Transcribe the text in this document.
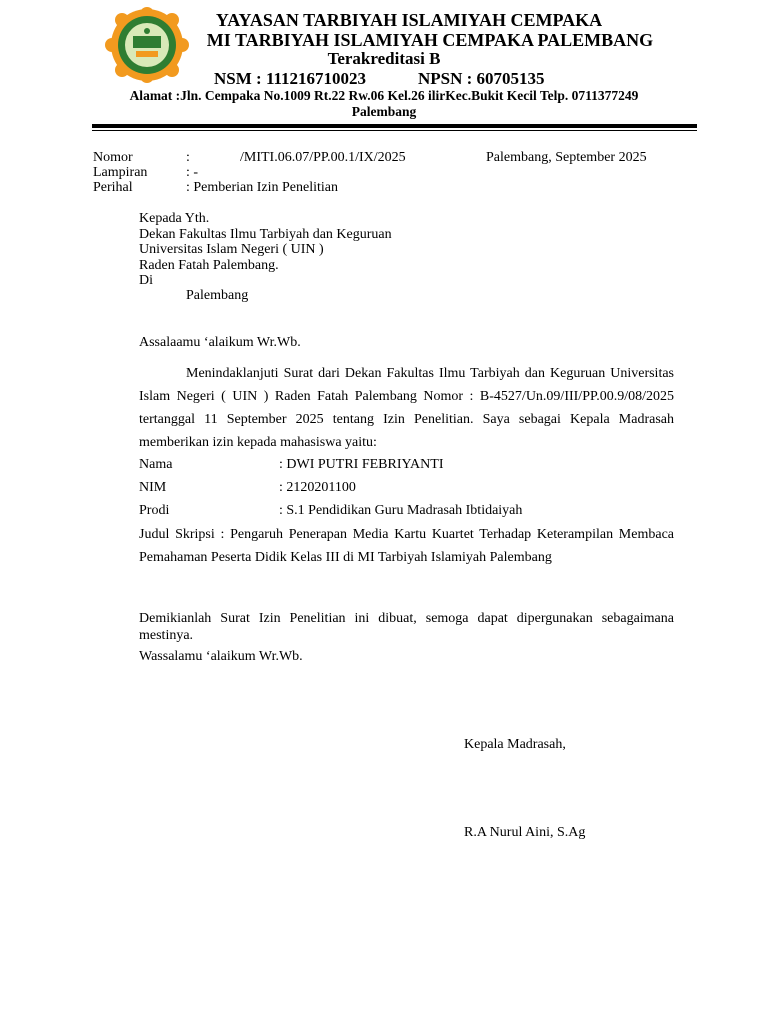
YAYASAN TARBIYAH ISLAMIYAH CEMPAKA
MI TARBIYAH ISLAMIYAH CEMPAKA PALEMBANG
Terakreditasi B
NSM : 111216710023	NPSN : 60705135
Alamat :Jln. Cempaka No.1009 Rt.22 Rw.06 Kel.26 ilirKec.Bukit Kecil Telp. 0711377249
Palembang
Nomor	:	/MITI.06.07/PP.00.1/IX/2025	Palembang, September 2025
Lampiran	: -
Perihal	: Pemberian Izin Penelitian
Kepada Yth.
Dekan Fakultas Ilmu Tarbiyah dan Keguruan
Universitas Islam Negeri ( UIN )
Raden Fatah Palembang.
Di
Palembang
Assalaamu ‘alaikum Wr.Wb.
Menindaklanjuti Surat dari Dekan Fakultas Ilmu Tarbiyah dan Keguruan Universitas Islam Negeri ( UIN ) Raden Fatah Palembang Nomor : B-4527/Un.09/III/PP.00.9/08/2025 tertanggal 11 September 2025 tentang Izin Penelitian. Saya sebagai Kepala Madrasah memberikan izin kepada mahasiswa yaitu:
Nama	: DWI PUTRI FEBRIYANTI
NIM	: 2120201100
Prodi	: S.1 Pendidikan Guru Madrasah Ibtidaiyah
Judul Skripsi : Pengaruh Penerapan Media Kartu Kuartet Terhadap Keterampilan Membaca Pemahaman Peserta Didik Kelas III di MI Tarbiyah Islamiyah Palembang
Demikianlah Surat Izin Penelitian ini dibuat, semoga dapat dipergunakan sebagaimana mestinya.
Wassalamu ‘alaikum Wr.Wb.
Kepala Madrasah,
R.A Nurul Aini, S.Ag
